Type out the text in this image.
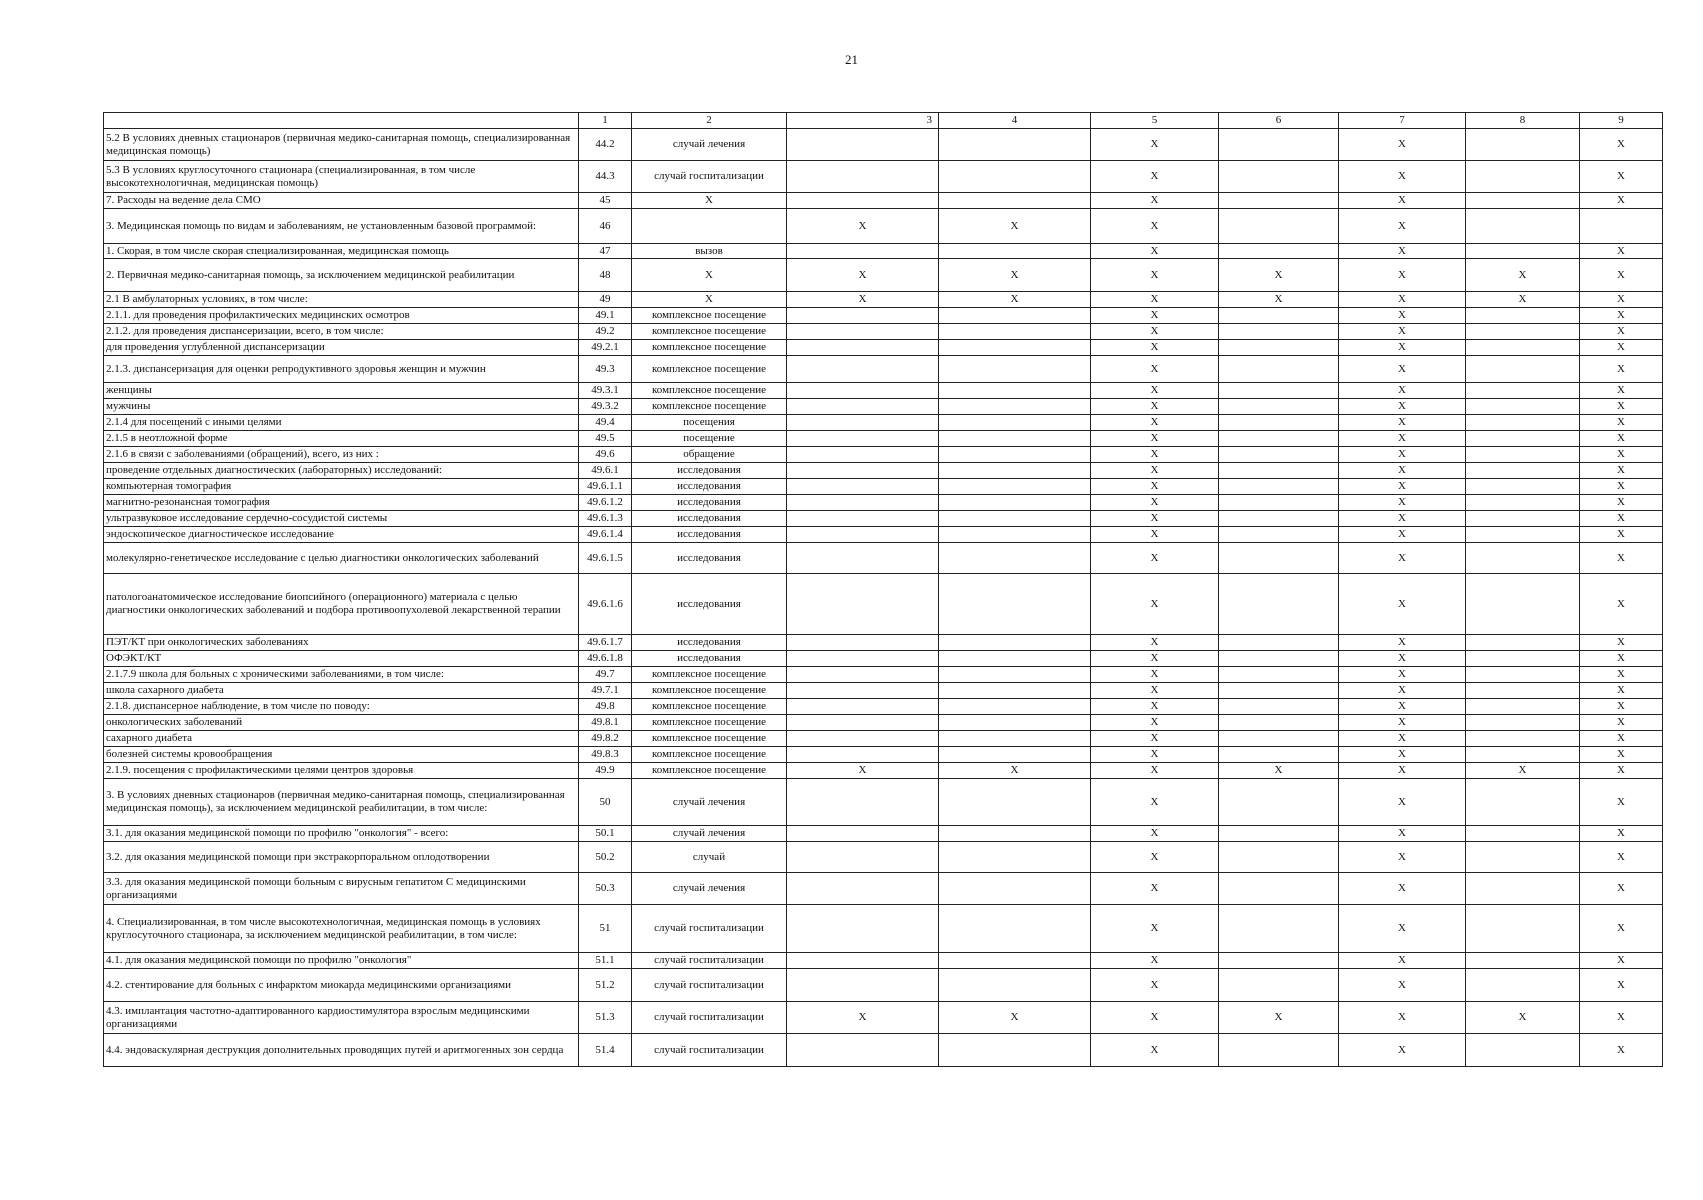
21
	1	2	3	4	5	6	7	8	9
5.2 В условиях дневных стационаров (первичная медико-санитарная помощь, специализированная медицинская помощь)	44.2	случай лечения			X		X		X
5.3 В условиях круглосуточного стационара (специализированная, в том числе высокотехнологичная, медицинская помощь)	44.3	случай госпитализации			X		X		X
7. Расходы на ведение дела СМО	45	X			X		X		X
3. Медицинская помощь по видам и заболеваниям, не установленным базовой программой:	46		X	X	X		X		
1. Скорая, в том числе скорая специализированная, медицинская помощь	47	вызов			X		X		X
2. Первичная медико-санитарная помощь, за исключением медицинской реабилитации	48	X	X	X	X	X	X	X	X
2.1 В амбулаторных условиях, в том числе:	49	X	X	X	X	X	X	X	X
2.1.1. для проведения профилактических медицинских осмотров	49.1	комплексное посещение			X		X		X
2.1.2. для проведения диспансеризации, всего, в том числе:	49.2	комплексное посещение			X		X		X
для проведения углубленной диспансеризации	49.2.1	комплексное посещение			X		X		X
2.1.3. диспансеризация для оценки репродуктивного здоровья женщин и мужчин	49.3	комплексное посещение			X		X		X
женщины	49.3.1	комплексное посещение			X		X		X
мужчины	49.3.2	комплексное посещение			X		X		X
2.1.4 для посещений с иными целями	49.4	посещения			X		X		X
2.1.5 в неотложной форме	49.5	посещение			X		X		X
2.1.6 в связи с заболеваниями (обращений), всего, из них :	49.6	обращение			X		X		X
проведение отдельных диагностических (лабораторных) исследований:	49.6.1	исследования			X		X		X
компьютерная томография	49.6.1.1	исследования			X		X		X
магнитно-резонансная томография	49.6.1.2	исследования			X		X		X
ультразвуковое исследование сердечно-сосудистой системы	49.6.1.3	исследования			X		X		X
эндоскопическое диагностическое исследование	49.6.1.4	исследования			X		X		X
молекулярно-генетическое исследование с целью диагностики онкологических заболеваний	49.6.1.5	исследования			X		X		X
патологоанатомическое исследование биопсийного (операционного) материала с целью диагностики онкологических заболеваний и подбора противоопухолевой лекарственной терапии	49.6.1.6	исследования			X		X		X
ПЭТ/КТ при онкологических заболеваниях	49.6.1.7	исследования			X		X		X
ОФЭКТ/КТ	49.6.1.8	исследования			X		X		X
2.1.7.9 школа для больных с хроническими заболеваниями, в том числе:	49.7	комплексное посещение			X		X		X
школа сахарного диабета	49.7.1	комплексное посещение			X		X		X
2.1.8. диспансерное наблюдение, в том числе по поводу:	49.8	комплексное посещение			X		X		X
онкологических заболеваний	49.8.1	комплексное посещение			X		X		X
сахарного диабета	49.8.2	комплексное посещение			X		X		X
болезней системы кровообращения	49.8.3	комплексное посещение			X		X		X
2.1.9. посещения с профилактическими целями центров здоровья	49.9	комплексное посещение	X	X	X	X	X	X	X
3. В условиях дневных стационаров (первичная медико-санитарная помощь, специализированная медицинская помощь), за исключением медицинской реабилитации, в том числе:	50	случай лечения			X		X		X
3.1. для оказания медицинской помощи по профилю "онкология" - всего:	50.1	случай лечения			X		X		X
3.2. для оказания медицинской помощи при экстракорпоральном оплодотворении	50.2	случай			X		X		X
3.3. для оказания медицинской помощи больным с вирусным гепатитом С медицинскими организациями	50.3	случай лечения			X		X		X
4. Специализированная, в том числе высокотехнологичная, медицинская помощь в условиях круглосуточного стационара, за исключением медицинской реабилитации, в том числе:	51	случай госпитализации			X		X		X
4.1. для оказания медицинской помощи по профилю "онкология"	51.1	случай госпитализации			X		X		X
4.2. стентирование для больных с инфарктом миокарда медицинскими организациями	51.2	случай госпитализации			X		X		X
4.3. имплантация частотно-адаптированного кардиостимулятора взрослым медицинскими организациями	51.3	случай госпитализации	X	X	X	X	X	X	X
4.4. эндоваскулярная деструкция дополнительных проводящих путей и аритмогенных зон сердца	51.4	случай госпитализации			X		X		X
